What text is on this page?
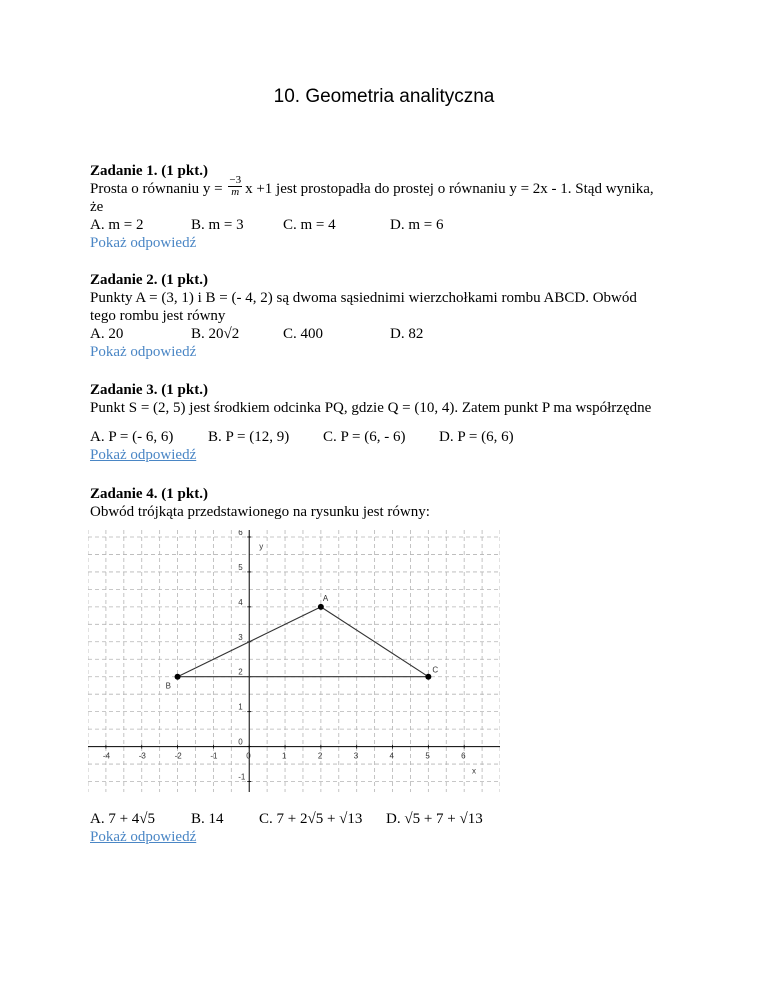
10. Geometria analityczna

Zadanie 1. (1 pkt.)

Prosta o równaniu $y = \frac{-3}{m}$ x +1 jest prostopadła do prostej o równaniu y = 2x - 1. Stąd wynika,

że

A. m = 2	B. m = 3	C. m = 4	D. m = 6

Pokaż odpowiedź

Zadanie 2. (1 pkt.)

Punkty A = (3, 1) i B = (- 4, 2) są dwoma sąsiednimi wierzchołkami rombu ABCD. Obwód

tego rombu jest równy

A. 20	B. 20√2	C. 400	D. 82

Pokaż odpowiedź

Zadanie 3. (1 pkt.)

Punkt S = (2, 5) jest środkiem odcinka PQ, gdzie Q = (10, 4). Zatem punkt P ma współrzędne

A. P = (- 6, 6) B. P = (12, 9) C. P = (6, - 6) D. P = (6, 6)

Pokaż odpowiedź

Zadanie 4. (1 pkt.)

Obwód trójkąta przedstawionego na rysunku jest równy:

-4	-3	-2	-1	0	1	2	3	4	5	6
-1
0
1
2
3
4
5
6
x
y
A
B
C
A. 7 + 4√5 B. 14 C. 7 + 2√5 + √13 D. √5 + 7 + √13

Pokaż odpowiedź
